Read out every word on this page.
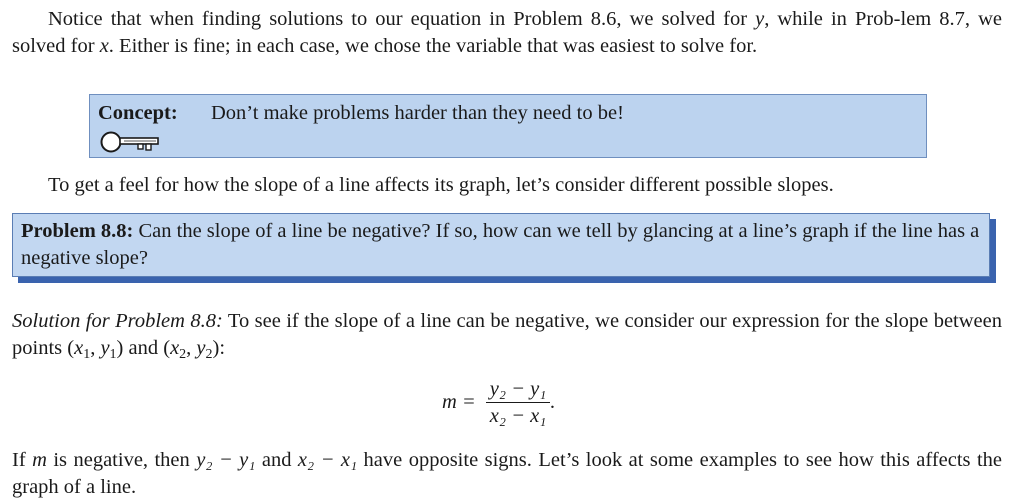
Notice that when finding solutions to our equation in Problem 8.6, we solved for y, while in Prob-lem 8.7, we solved for x. Either is fine; in each case, we chose the variable that was easiest to solve for.

Concept: Don’t make problems harder than they need to be!

To get a feel for how the slope of a line affects its graph, let’s consider different possible slopes.

Problem 8.8: Can the slope of a line be negative? If so, how can we tell by glancing at a line’s graph if the line has a negative slope?

Solution for Problem 8.8: To see if the slope of a line can be negative, we consider our expression for the slope between points ($x_1$, $y_1$) and ($x_2$, $y_2$):

$m = \frac{\text{y₂ − y₁}}{\text{x₂ − x₁}}$ .

If m is negative, then y₂ − y₁ and x₂ − x₁ have opposite signs. Let’s look at some examples to see how this affects the graph of a line.
